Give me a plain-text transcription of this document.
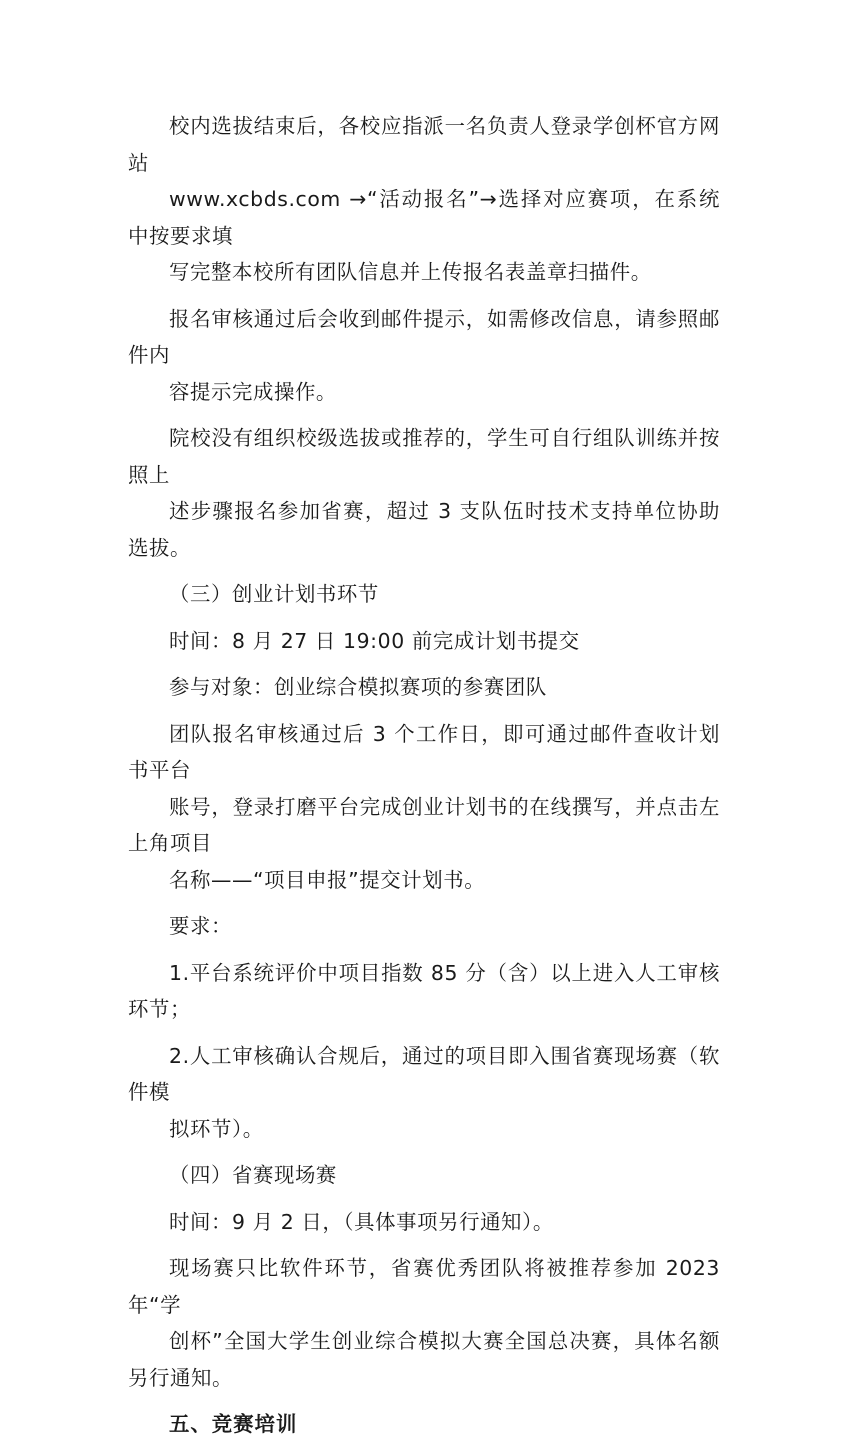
校内选拔结束后，各校应指派一名负责人登录学创杯官方网站
www.xcbds.com →“活动报名”→选择对应赛项，在系统中按要求填
写完整本校所有团队信息并上传报名表盖章扫描件。

报名审核通过后会收到邮件提示，如需修改信息，请参照邮件内
容提示完成操作。

院校没有组织校级选拔或推荐的，学生可自行组队训练并按照上
述步骤报名参加省赛，超过 3 支队伍时技术支持单位协助选拔。

（三）创业计划书环节

时间：8 月 27 日 19:00 前完成计划书提交

参与对象：创业综合模拟赛项的参赛团队

团队报名审核通过后 3 个工作日，即可通过邮件查收计划书平台
账号，登录打磨平台完成创业计划书的在线撰写，并点击左上角项目
名称——“项目申报”提交计划书。

要求：

1.平台系统评价中项目指数 85 分（含）以上进入人工审核环节；

2.人工审核确认合规后，通过的项目即入围省赛现场赛（软件模
拟环节）。

（四）省赛现场赛

时间：9 月 2 日，（具体事项另行通知）。

现场赛只比软件环节，省赛优秀团队将被推荐参加 2023 年“学
创杯”全国大学生创业综合模拟大赛全国总决赛，具体名额另行通知。

五、竞赛培训
